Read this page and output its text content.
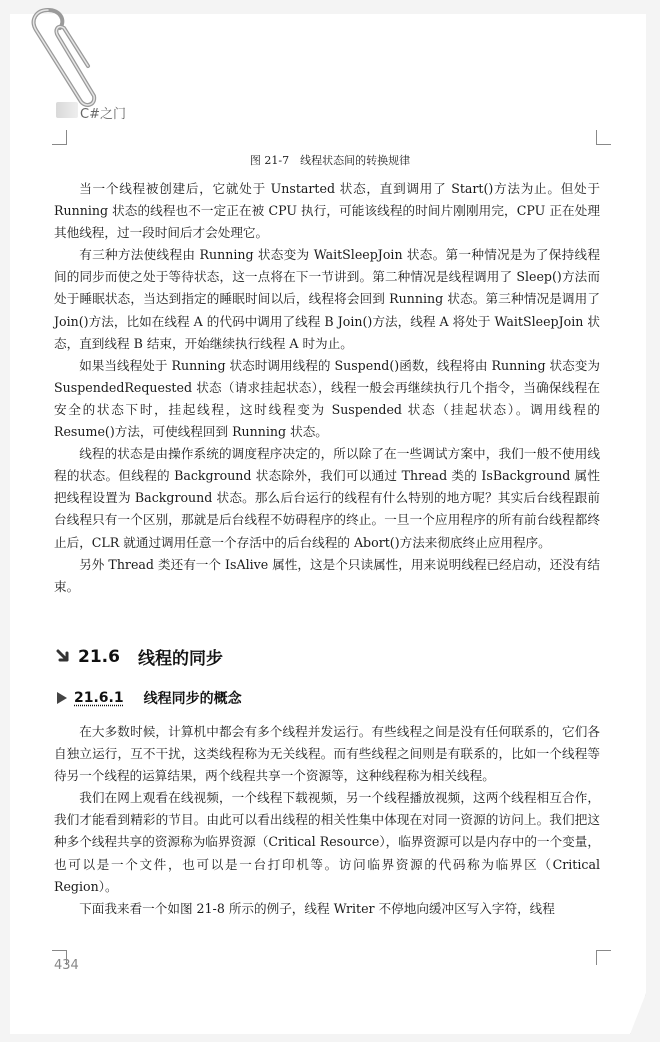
C#之门
图 21-7　线程状态间的转换规律

当一个线程被创建后，它就处于 Unstarted 状态，直到调用了 Start()方法为止。但处于 Running 状态的线程也不一定正在被 CPU 执行，可能该线程的时间片刚刚用完，CPU 正在处理其他线程，过一段时间后才会处理它。

有三种方法使线程由 Running 状态变为 WaitSleepJoin 状态。第一种情况是为了保持线程间的同步而使之处于等待状态，这一点将在下一节讲到。第二种情况是线程调用了 Sleep()方法而处于睡眠状态，当达到指定的睡眠时间以后，线程将会回到 Running 状态。第三种情况是调用了 Join()方法，比如在线程 A 的代码中调用了线程 B Join()方法，线程 A 将处于 WaitSleepJoin 状态，直到线程 B 结束，开始继续执行线程 A 时为止。

如果当线程处于 Running 状态时调用线程的 Suspend()函数，线程将由 Running 状态变为 SuspendedRequested 状态（请求挂起状态），线程一般会再继续执行几个指令，当确保线程在安全的状态下时，挂起线程，这时线程变为 Suspended 状态（挂起状态）。调用线程的 Resume()方法，可使线程回到 Running 状态。

线程的状态是由操作系统的调度程序决定的，所以除了在一些调试方案中，我们一般不使用线程的状态。但线程的 Background 状态除外，我们可以通过 Thread 类的 IsBackground 属性把线程设置为 Background 状态。那么后台运行的线程有什么特别的地方呢？其实后台线程跟前台线程只有一个区别，那就是后台线程不妨碍程序的终止。一旦一个应用程序的所有前台线程都终止后，CLR 就通过调用任意一个存活中的后台线程的 Abort()方法来彻底终止应用程序。

另外 Thread 类还有一个 IsAlive 属性，这是个只读属性，用来说明线程已经启动，还没有结束。

21.6 线程的同步
21.6.1 线程同步的概念

在大多数时候，计算机中都会有多个线程并发运行。有些线程之间是没有任何联系的，它们各自独立运行，互不干扰，这类线程称为无关线程。而有些线程之间则是有联系的，比如一个线程等待另一个线程的运算结果，两个线程共享一个资源等，这种线程称为相关线程。

我们在网上观看在线视频，一个线程下载视频，另一个线程播放视频，这两个线程相互合作，我们才能看到精彩的节目。由此可以看出线程的相关性集中体现在对同一资源的访问上。我们把这种多个线程共享的资源称为临界资源（Critical Resource），临界资源可以是内存中的一个变量，也可以是一个文件，也可以是一台打印机等。访问临界资源的代码称为临界区（Critical Region）。

下面我来看一个如图 21-8 所示的例子，线程 Writer 不停地向缓冲区写入字符，线程

434
